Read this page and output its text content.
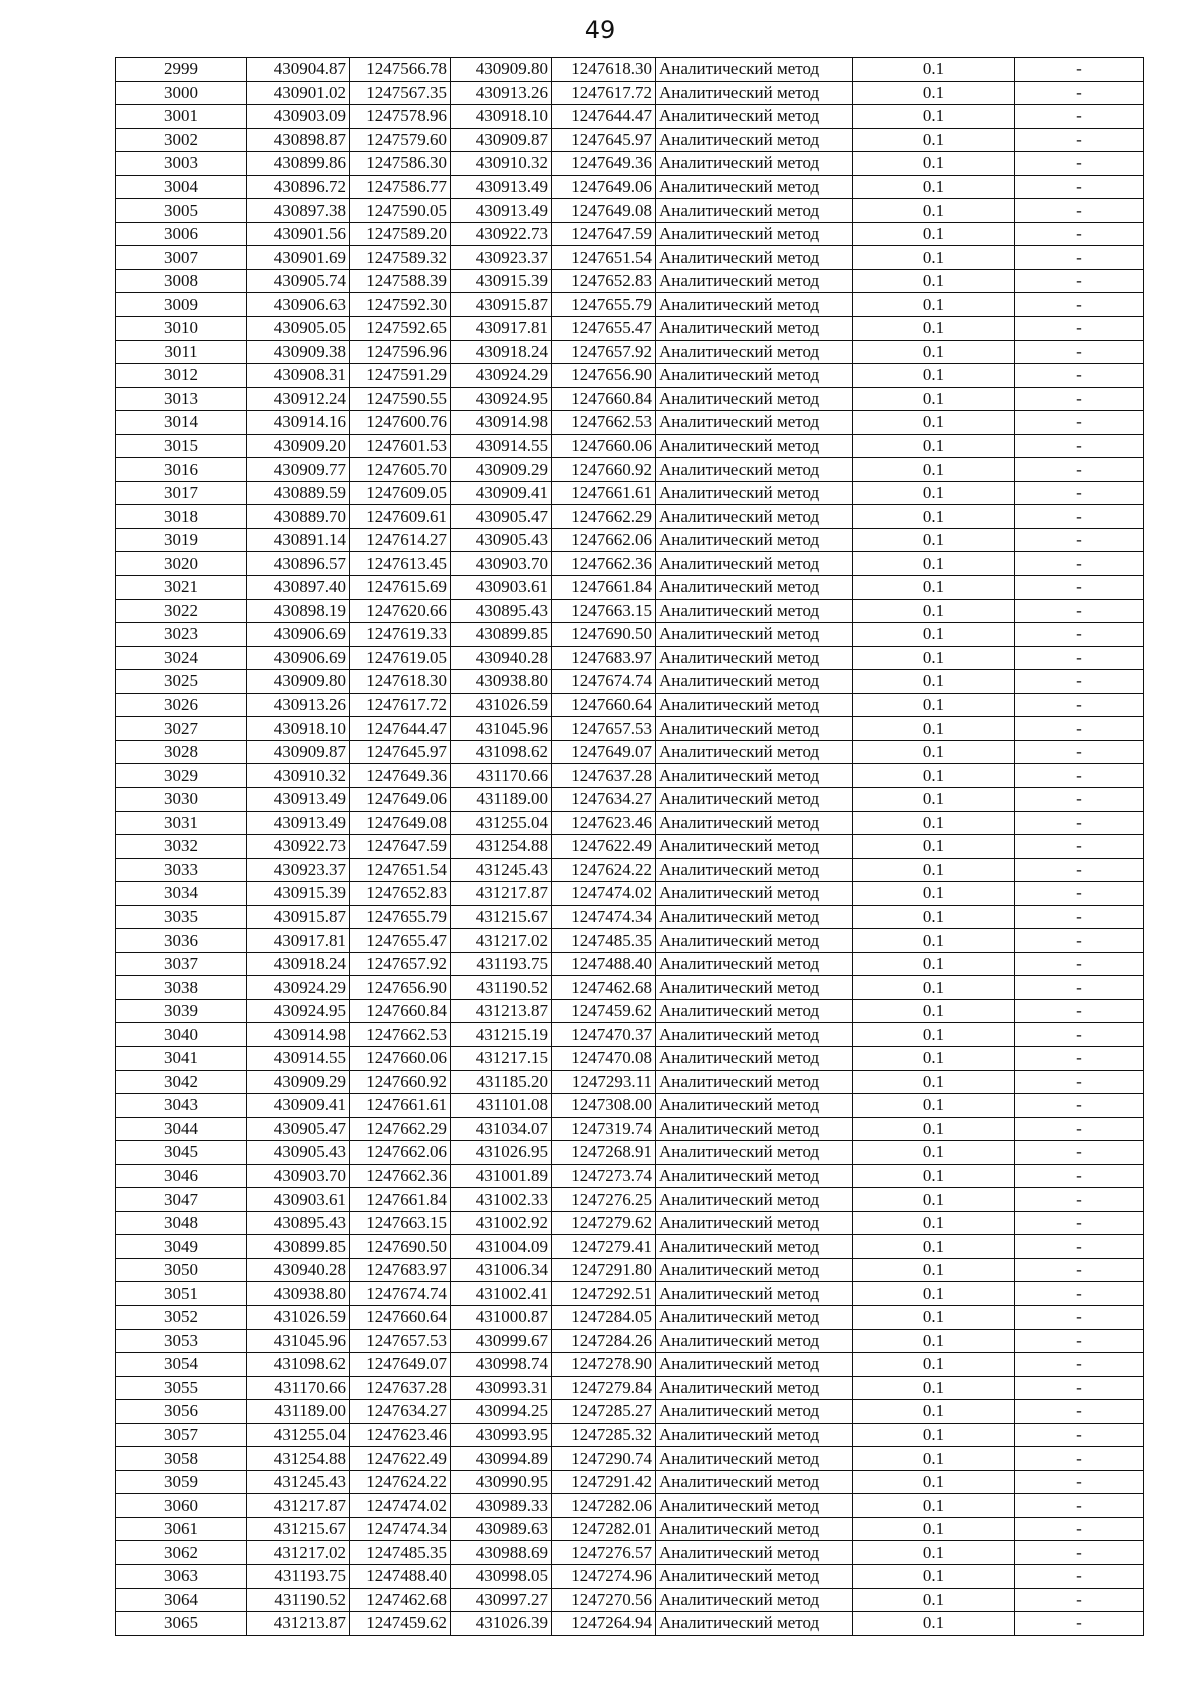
49
2999	430904.87	1247566.78	430909.80	1247618.30	Аналитический метод	0.1	-
3000	430901.02	1247567.35	430913.26	1247617.72	Аналитический метод	0.1	-
3001	430903.09	1247578.96	430918.10	1247644.47	Аналитический метод	0.1	-
3002	430898.87	1247579.60	430909.87	1247645.97	Аналитический метод	0.1	-
3003	430899.86	1247586.30	430910.32	1247649.36	Аналитический метод	0.1	-
3004	430896.72	1247586.77	430913.49	1247649.06	Аналитический метод	0.1	-
3005	430897.38	1247590.05	430913.49	1247649.08	Аналитический метод	0.1	-
3006	430901.56	1247589.20	430922.73	1247647.59	Аналитический метод	0.1	-
3007	430901.69	1247589.32	430923.37	1247651.54	Аналитический метод	0.1	-
3008	430905.74	1247588.39	430915.39	1247652.83	Аналитический метод	0.1	-
3009	430906.63	1247592.30	430915.87	1247655.79	Аналитический метод	0.1	-
3010	430905.05	1247592.65	430917.81	1247655.47	Аналитический метод	0.1	-
3011	430909.38	1247596.96	430918.24	1247657.92	Аналитический метод	0.1	-
3012	430908.31	1247591.29	430924.29	1247656.90	Аналитический метод	0.1	-
3013	430912.24	1247590.55	430924.95	1247660.84	Аналитический метод	0.1	-
3014	430914.16	1247600.76	430914.98	1247662.53	Аналитический метод	0.1	-
3015	430909.20	1247601.53	430914.55	1247660.06	Аналитический метод	0.1	-
3016	430909.77	1247605.70	430909.29	1247660.92	Аналитический метод	0.1	-
3017	430889.59	1247609.05	430909.41	1247661.61	Аналитический метод	0.1	-
3018	430889.70	1247609.61	430905.47	1247662.29	Аналитический метод	0.1	-
3019	430891.14	1247614.27	430905.43	1247662.06	Аналитический метод	0.1	-
3020	430896.57	1247613.45	430903.70	1247662.36	Аналитический метод	0.1	-
3021	430897.40	1247615.69	430903.61	1247661.84	Аналитический метод	0.1	-
3022	430898.19	1247620.66	430895.43	1247663.15	Аналитический метод	0.1	-
3023	430906.69	1247619.33	430899.85	1247690.50	Аналитический метод	0.1	-
3024	430906.69	1247619.05	430940.28	1247683.97	Аналитический метод	0.1	-
3025	430909.80	1247618.30	430938.80	1247674.74	Аналитический метод	0.1	-
3026	430913.26	1247617.72	431026.59	1247660.64	Аналитический метод	0.1	-
3027	430918.10	1247644.47	431045.96	1247657.53	Аналитический метод	0.1	-
3028	430909.87	1247645.97	431098.62	1247649.07	Аналитический метод	0.1	-
3029	430910.32	1247649.36	431170.66	1247637.28	Аналитический метод	0.1	-
3030	430913.49	1247649.06	431189.00	1247634.27	Аналитический метод	0.1	-
3031	430913.49	1247649.08	431255.04	1247623.46	Аналитический метод	0.1	-
3032	430922.73	1247647.59	431254.88	1247622.49	Аналитический метод	0.1	-
3033	430923.37	1247651.54	431245.43	1247624.22	Аналитический метод	0.1	-
3034	430915.39	1247652.83	431217.87	1247474.02	Аналитический метод	0.1	-
3035	430915.87	1247655.79	431215.67	1247474.34	Аналитический метод	0.1	-
3036	430917.81	1247655.47	431217.02	1247485.35	Аналитический метод	0.1	-
3037	430918.24	1247657.92	431193.75	1247488.40	Аналитический метод	0.1	-
3038	430924.29	1247656.90	431190.52	1247462.68	Аналитический метод	0.1	-
3039	430924.95	1247660.84	431213.87	1247459.62	Аналитический метод	0.1	-
3040	430914.98	1247662.53	431215.19	1247470.37	Аналитический метод	0.1	-
3041	430914.55	1247660.06	431217.15	1247470.08	Аналитический метод	0.1	-
3042	430909.29	1247660.92	431185.20	1247293.11	Аналитический метод	0.1	-
3043	430909.41	1247661.61	431101.08	1247308.00	Аналитический метод	0.1	-
3044	430905.47	1247662.29	431034.07	1247319.74	Аналитический метод	0.1	-
3045	430905.43	1247662.06	431026.95	1247268.91	Аналитический метод	0.1	-
3046	430903.70	1247662.36	431001.89	1247273.74	Аналитический метод	0.1	-
3047	430903.61	1247661.84	431002.33	1247276.25	Аналитический метод	0.1	-
3048	430895.43	1247663.15	431002.92	1247279.62	Аналитический метод	0.1	-
3049	430899.85	1247690.50	431004.09	1247279.41	Аналитический метод	0.1	-
3050	430940.28	1247683.97	431006.34	1247291.80	Аналитический метод	0.1	-
3051	430938.80	1247674.74	431002.41	1247292.51	Аналитический метод	0.1	-
3052	431026.59	1247660.64	431000.87	1247284.05	Аналитический метод	0.1	-
3053	431045.96	1247657.53	430999.67	1247284.26	Аналитический метод	0.1	-
3054	431098.62	1247649.07	430998.74	1247278.90	Аналитический метод	0.1	-
3055	431170.66	1247637.28	430993.31	1247279.84	Аналитический метод	0.1	-
3056	431189.00	1247634.27	430994.25	1247285.27	Аналитический метод	0.1	-
3057	431255.04	1247623.46	430993.95	1247285.32	Аналитический метод	0.1	-
3058	431254.88	1247622.49	430994.89	1247290.74	Аналитический метод	0.1	-
3059	431245.43	1247624.22	430990.95	1247291.42	Аналитический метод	0.1	-
3060	431217.87	1247474.02	430989.33	1247282.06	Аналитический метод	0.1	-
3061	431215.67	1247474.34	430989.63	1247282.01	Аналитический метод	0.1	-
3062	431217.02	1247485.35	430988.69	1247276.57	Аналитический метод	0.1	-
3063	431193.75	1247488.40	430998.05	1247274.96	Аналитический метод	0.1	-
3064	431190.52	1247462.68	430997.27	1247270.56	Аналитический метод	0.1	-
3065	431213.87	1247459.62	431026.39	1247264.94	Аналитический метод	0.1	-
